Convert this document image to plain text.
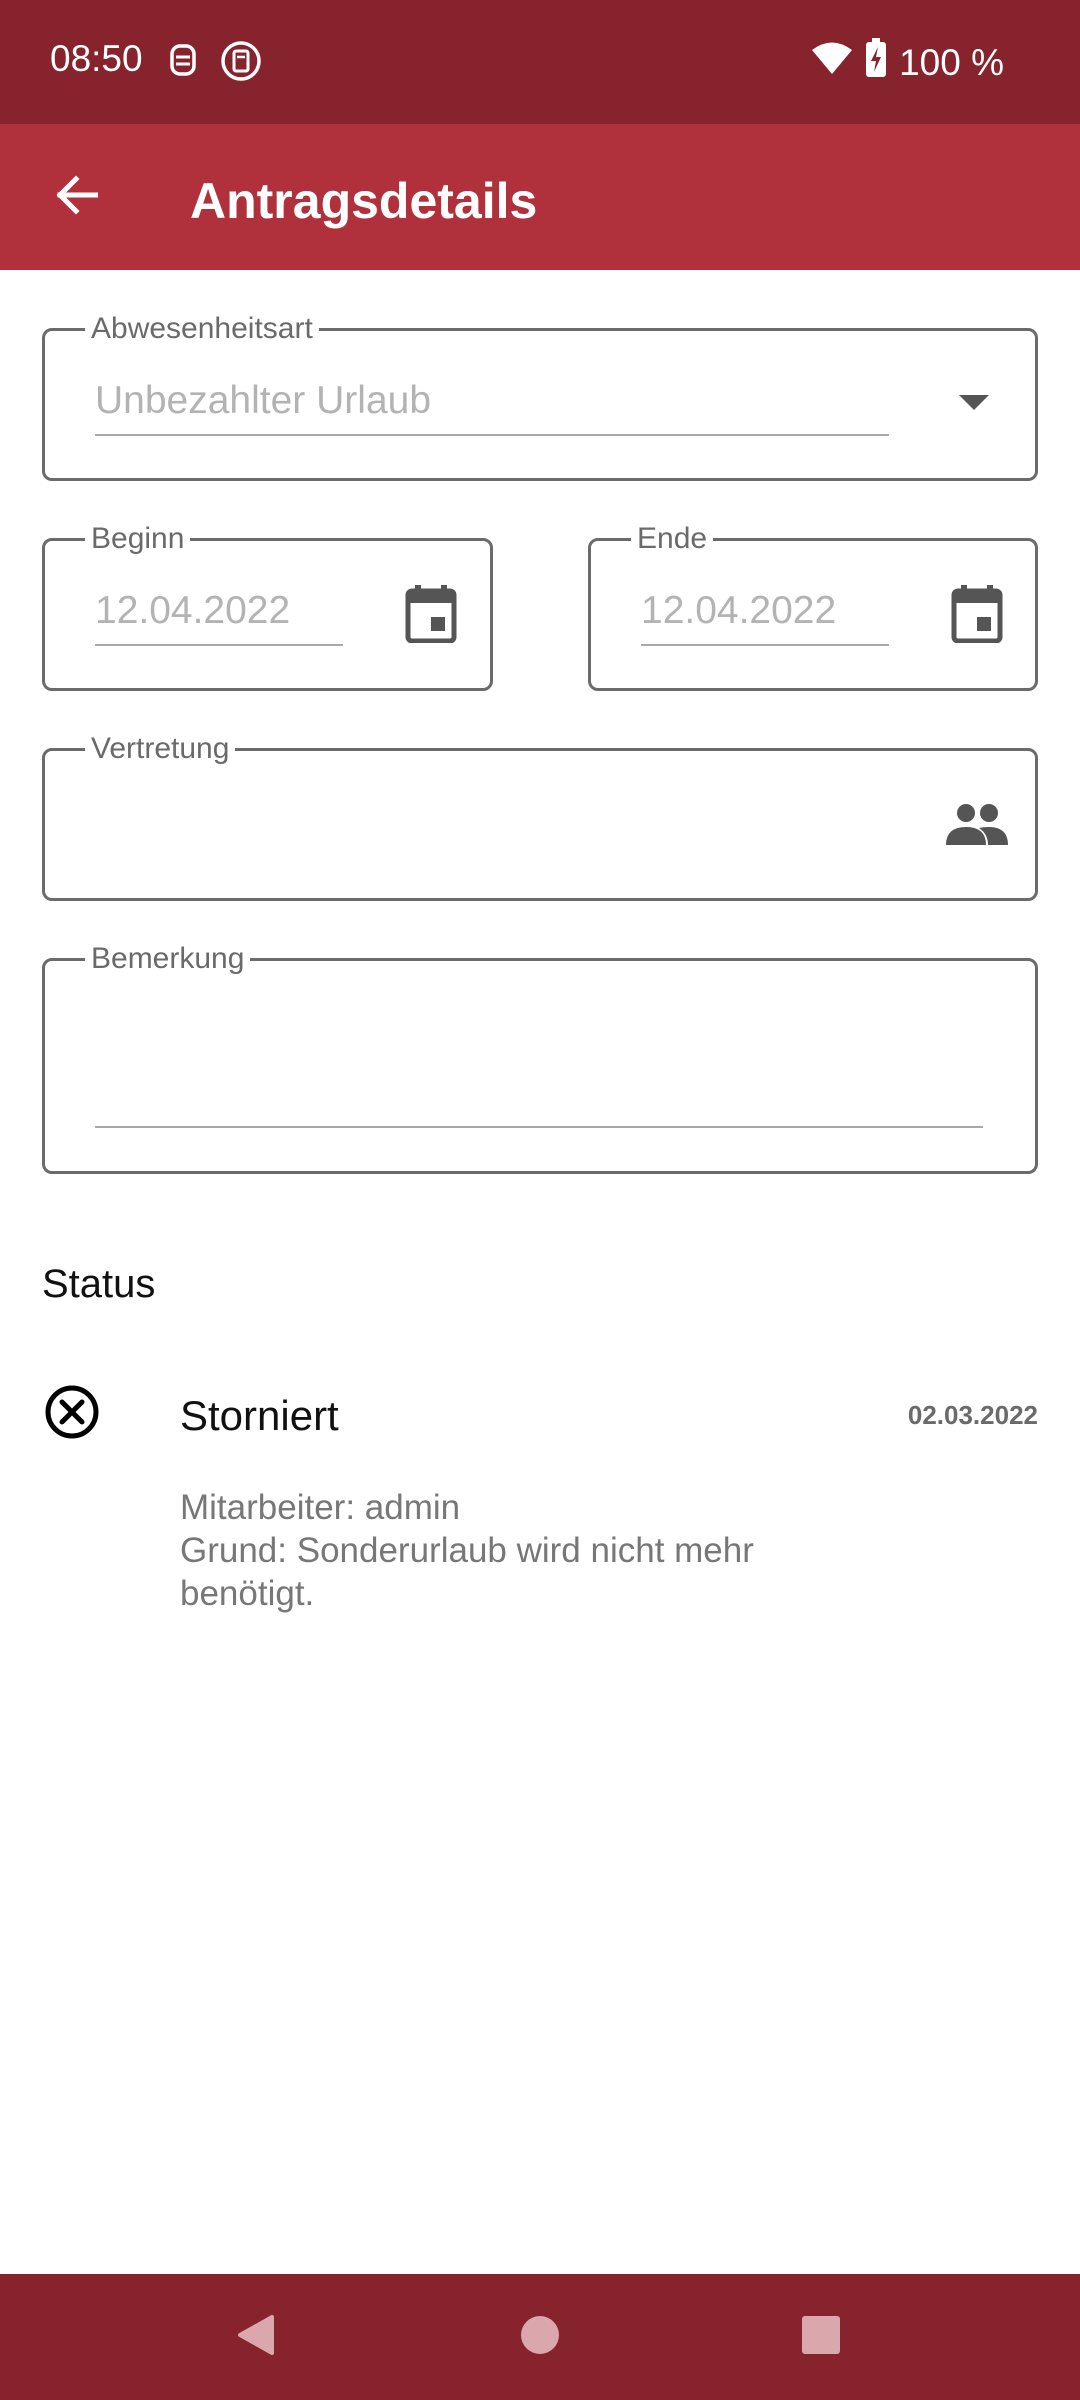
08:50	100 %
Antragsdetails
Abwesenheitsart
Unbezahlter Urlaub
Beginn
12.04.2022
Ende
12.04.2022
Vertretung
Bemerkung
Status
Storniert	02.03.2022
Mitarbeiter: admin
Grund: Sonderurlaub wird nicht mehr benötigt.
